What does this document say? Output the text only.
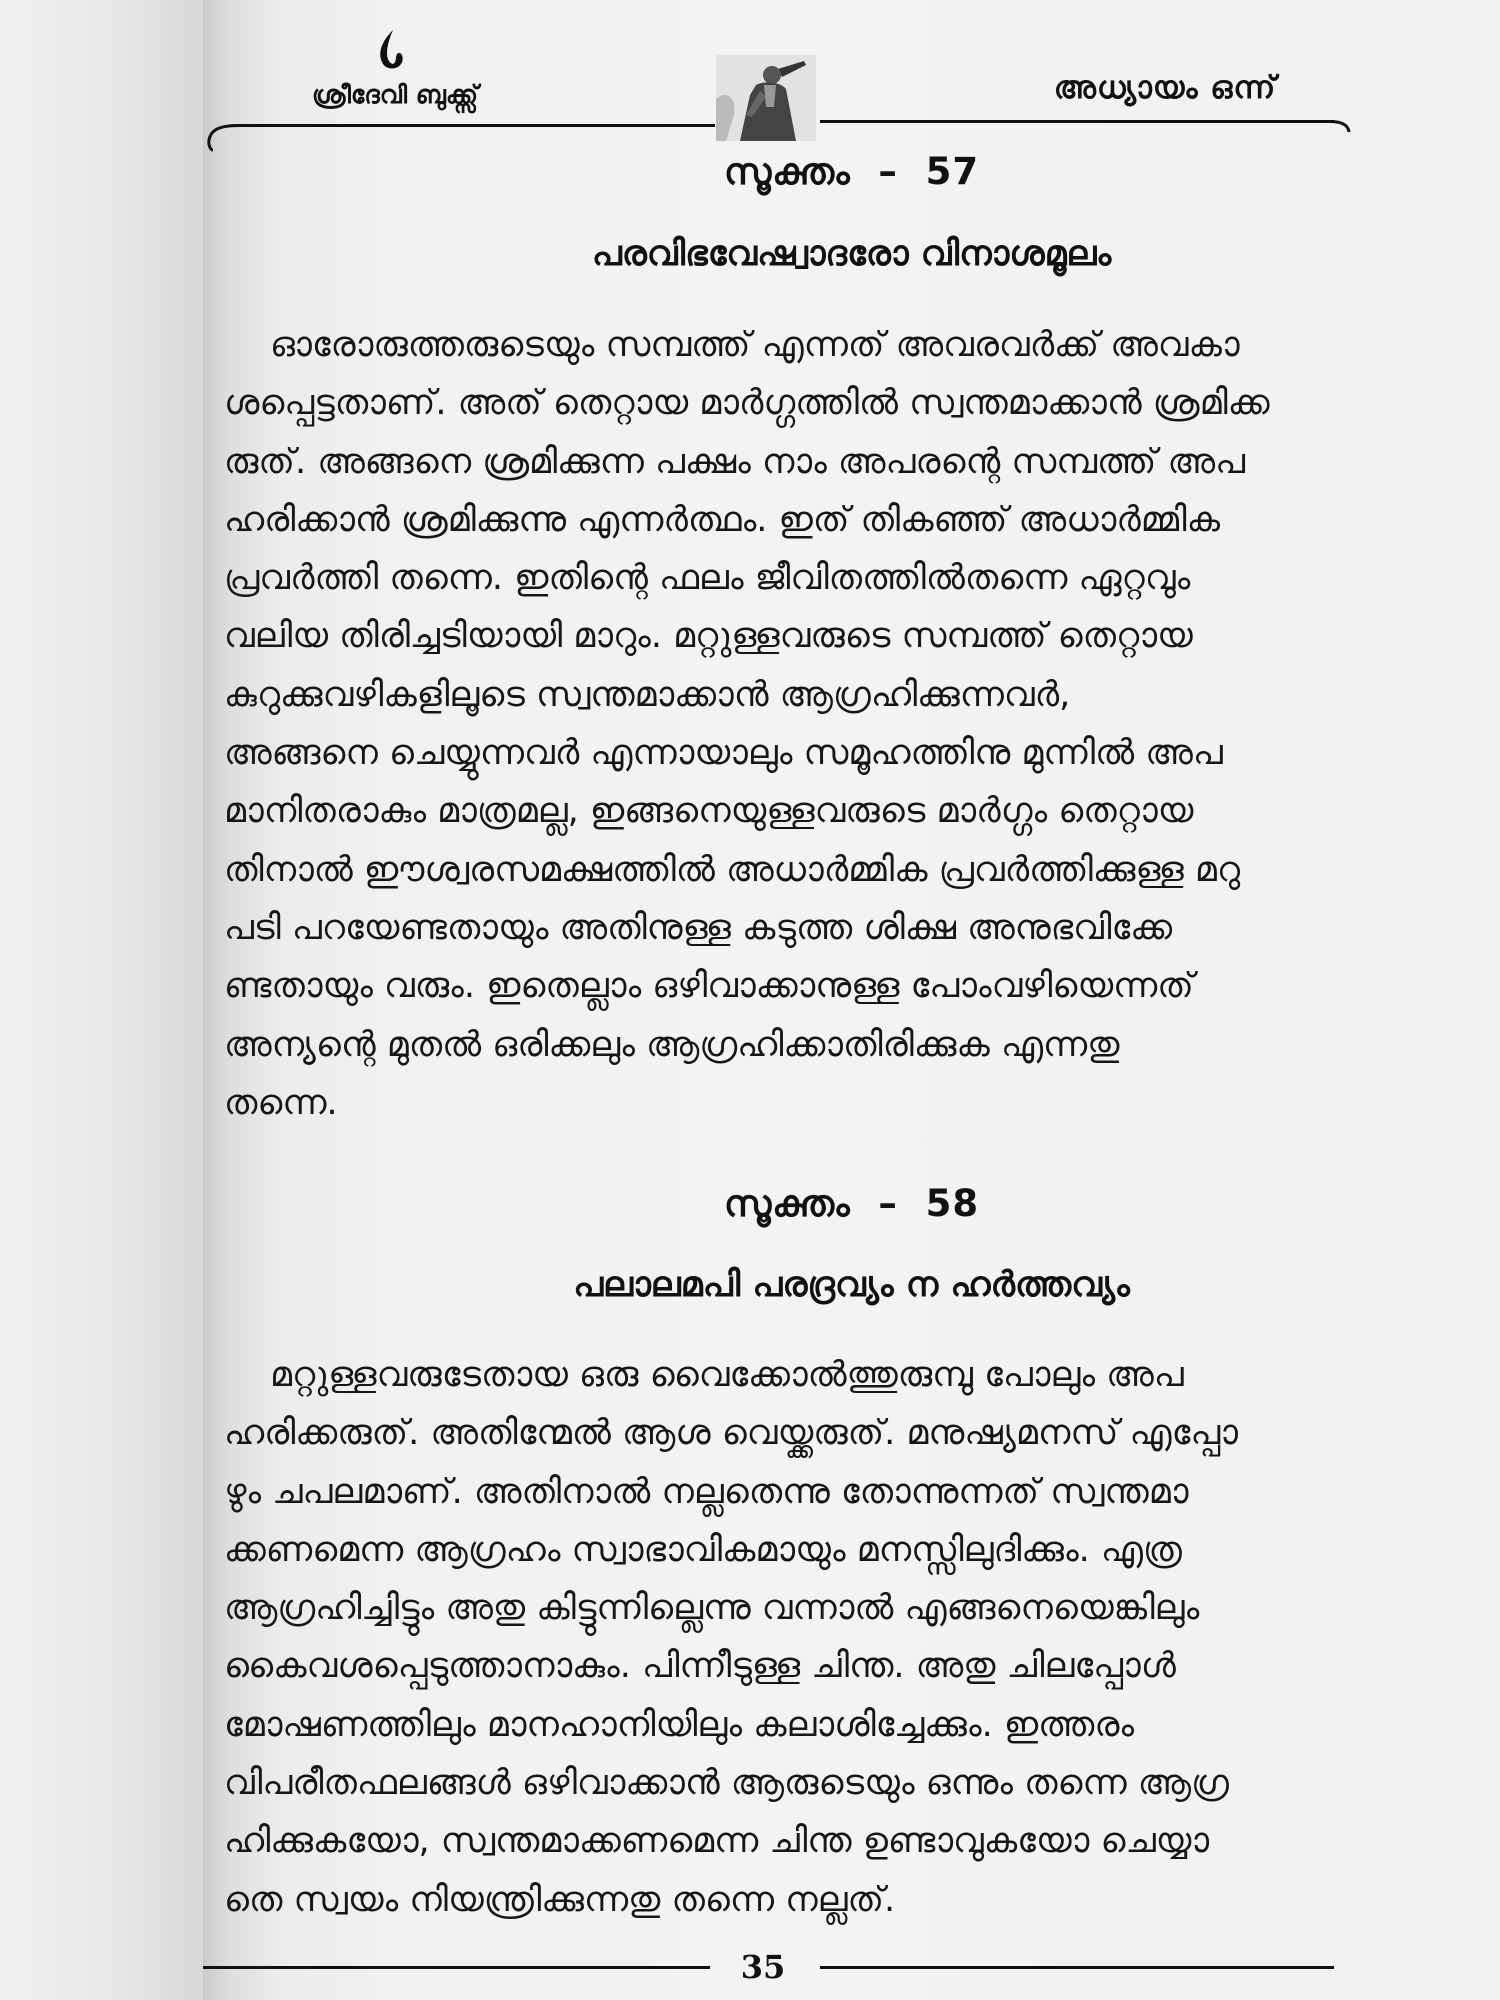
ശ്രീദേവി ബുക്ക്സ്	അധ്യായം ഒന്ന്
സൂക്തം  –  57
പരവിഭവേഷ്വാദരോ വിനാശമൂലം
ഓരോരുത്തരുടെയും സമ്പത്ത് എന്നത് അവരവർക്ക് അവകാ
ശപ്പെട്ടതാണ്. അത് തെറ്റായ മാർഗ്ഗത്തിൽ സ്വന്തമാക്കാൻ ശ്രമിക്ക
രുത്. അങ്ങനെ ശ്രമിക്കുന്ന പക്ഷം നാം അപരന്റെ സമ്പത്ത് അപ
ഹരിക്കാൻ ശ്രമിക്കുന്നു എന്നർത്ഥം. ഇത് തികഞ്ഞ് അധാർമ്മിക
പ്രവർത്തി തന്നെ. ഇതിന്റെ ഫലം ജീവിതത്തിൽതന്നെ ഏറ്റവും
വലിയ തിരിച്ചടിയായി മാറും. മറ്റുള്ളവരുടെ സമ്പത്ത് തെറ്റായ
കുറുക്കുവഴികളിലൂടെ സ്വന്തമാക്കാൻ ആഗ്രഹിക്കുന്നവർ,
അങ്ങനെ ചെയ്യുന്നവർ എന്നായാലും സമൂഹത്തിനു മുന്നിൽ അപ
മാനിതരാകും മാത്രമല്ല, ഇങ്ങനെയുള്ളവരുടെ മാർഗ്ഗം തെറ്റായ
തിനാൽ ഈശ്വരസമക്ഷത്തിൽ അധാർമ്മിക പ്രവർത്തിക്കുള്ള മറു
പടി പറയേണ്ടതായും അതിനുള്ള കടുത്ത ശിക്ഷ അനുഭവിക്കേ
ണ്ടതായും വരും. ഇതെല്ലാം ഒഴിവാക്കാനുള്ള പോംവഴിയെന്നത്
അന്യന്റെ മുതൽ ഒരിക്കലും ആഗ്രഹിക്കാതിരിക്കുക എന്നതു
തന്നെ.
സൂക്തം  –  58
പലാലമപി പരദ്രവ്യം ന ഹർത്തവ്യം
മറ്റുള്ളവരുടേതായ ഒരു വൈക്കോൽത്തുരുമ്പു പോലും അപ
ഹരിക്കരുത്. അതിന്മേൽ ആശ വെയ്ക്കരുത്. മനുഷ്യമനസ് എപ്പോ
ഴും ചപലമാണ്. അതിനാൽ നല്ലതെന്നു തോന്നുന്നത് സ്വന്തമാ
ക്കണമെന്ന ആഗ്രഹം സ്വാഭാവികമായും മനസ്സിലുദിക്കും. എത്ര
ആഗ്രഹിച്ചിട്ടും അതു കിട്ടുന്നില്ലെന്നു വന്നാൽ എങ്ങനെയെങ്കിലും
കൈവശപ്പെടുത്താനാകും. പിന്നീടുള്ള ചിന്ത. അതു ചിലപ്പോൾ
മോഷണത്തിലും മാനഹാനിയിലും കലാശിച്ചേക്കും. ഇത്തരം
വിപരീതഫലങ്ങൾ ഒഴിവാക്കാൻ ആരുടെയും ഒന്നും തന്നെ ആഗ്ര
ഹിക്കുകയോ, സ്വന്തമാക്കണമെന്ന ചിന്ത ഉണ്ടാവുകയോ ചെയ്യാ
തെ സ്വയം നിയന്ത്രിക്കുന്നതു തന്നെ നല്ലത്.
35
